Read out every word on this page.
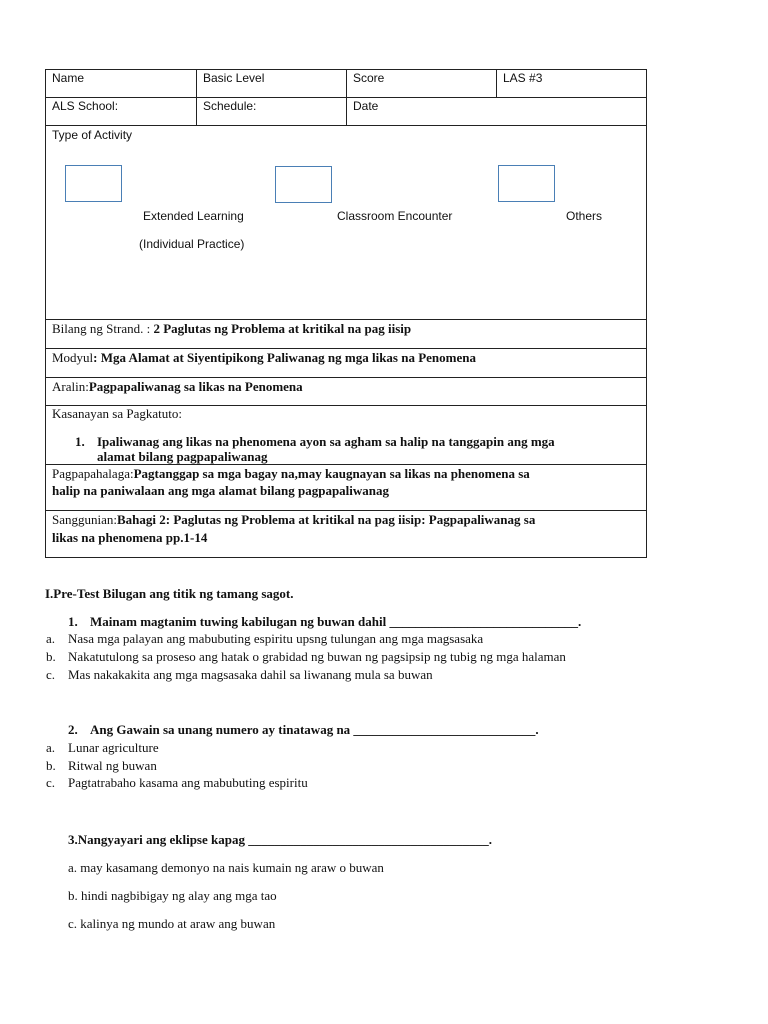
Name	Basic Level	Score	LAS #3
ALS School:	Schedule:	Date
Type of Activity
Extended Learning
(Individual Practice)
Classroom Encounter	Others
Bilang ng Strand. : 2 Paglutas ng Problema at kritikal na pag iisip
Modyul: Mga Alamat at Siyentipikong Paliwanag ng mga likas na Penomena
Aralin:Pagpapaliwanag sa likas na Penomena
Kasanayan sa Pagkatuto:
1. Ipaliwanag ang likas na phenomena ayon sa agham sa halip na tanggapin ang mga
alamat bilang pagpapaliwanag
Pagpapahalaga:Pagtanggap sa mga bagay na,may kaugnayan sa likas na phenomena sa
halip na paniwalaan ang mga alamat bilang pagpapaliwanag
Sanggunian:Bahagi 2: Paglutas ng Problema at kritikal na pag iisip: Pagpapaliwanag sa
likas na phenomena pp.1-14
I.Pre-Test Bilugan ang titik ng tamang sagot.
1. Mainam magtanim tuwing kabilugan ng buwan dahil _____________________________.
a. Nasa mga palayan ang mabubuting espiritu upsng tulungan ang mga magsasaka
b. Nakatutulong sa proseso ang hatak o grabidad ng buwan ng pagsipsip ng tubig ng mga halaman
c. Mas nakakakita ang mga magsasaka dahil sa liwanang mula sa buwan
2. Ang Gawain sa unang numero ay tinatawag na ____________________________.
a. Lunar agriculture
b. Ritwal ng buwan
c. Pagtatrabaho kasama ang mabubuting espiritu
3.Nangyayari ang eklipse kapag _____________________________________.
a. may kasamang demonyo na nais kumain ng araw o buwan
b. hindi nagbibigay ng alay ang mga tao
c. kalinya ng mundo at araw ang buwan
